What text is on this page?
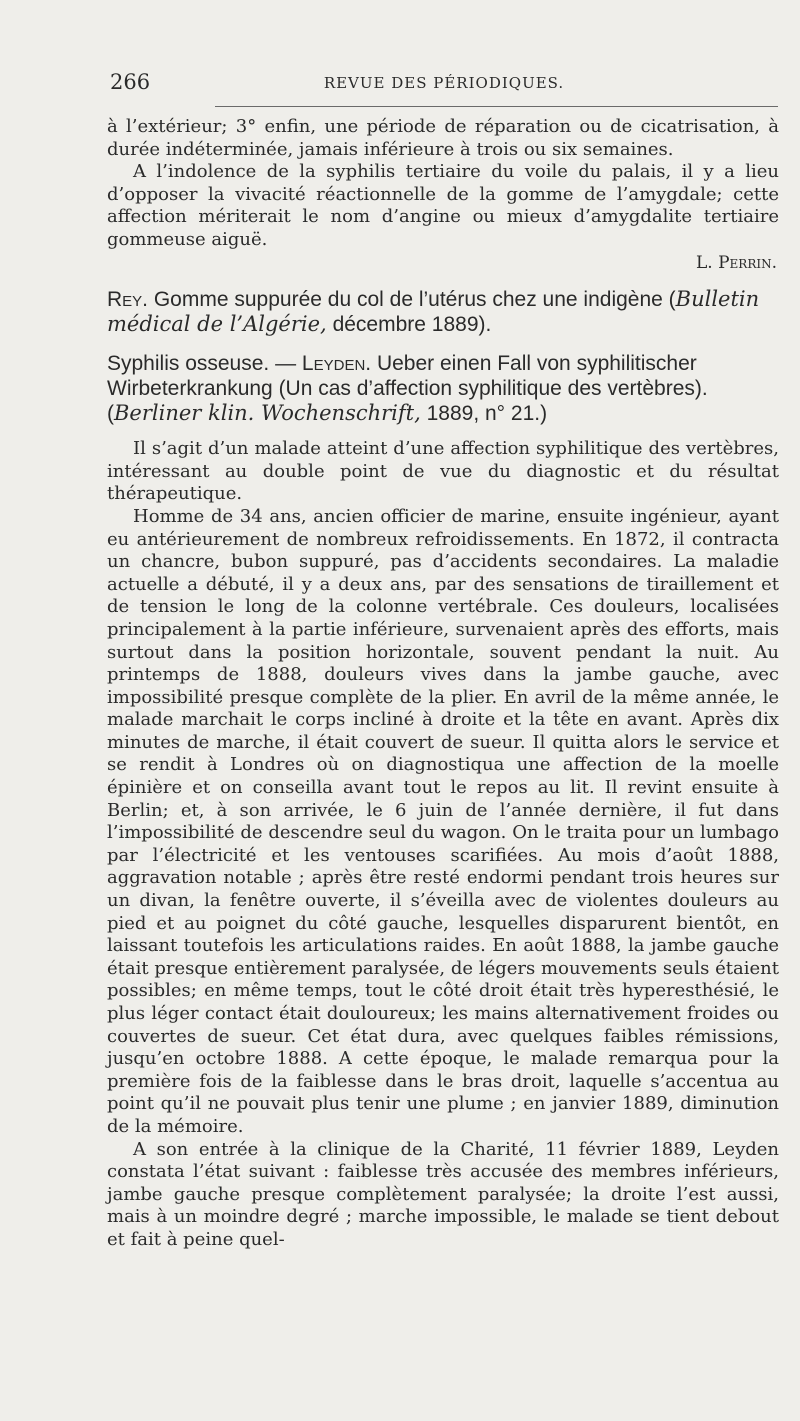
266	REVUE DES PÉRIODIQUES.

à l’extérieur; 3° enfin, une période de réparation ou de cicatrisation, à durée indéterminée, jamais inférieure à trois ou six semaines.

A l’indolence de la syphilis tertiaire du voile du palais, il y a lieu d’opposer la vivacité réactionnelle de la gomme de l’amygdale; cette affection mériterait le nom d’angine ou mieux d’amygdalite tertiaire gommeuse aiguë.

L. Perrin.

Rey. Gomme suppurée du col de l’utérus chez une indigène (Bulletin médical de l’Algérie, décembre 1889).

Syphilis osseuse. — Leyden. Ueber einen Fall von syphilitischer Wirbeterkrankung (Un cas d’affection syphilitique des vertèbres). (Berliner klin. Wochenschrift, 1889, n° 21.)

Il s’agit d’un malade atteint d’une affection syphilitique des vertèbres, intéressant au double point de vue du diagnostic et du résultat thérapeutique.

Homme de 34 ans, ancien officier de marine, ensuite ingénieur, ayant eu antérieurement de nombreux refroidissements. En 1872, il contracta un chancre, bubon suppuré, pas d’accidents secondaires. La maladie actuelle a débuté, il y a deux ans, par des sensations de tiraillement et de tension le long de la colonne vertébrale. Ces douleurs, localisées principalement à la partie inférieure, survenaient après des efforts, mais surtout dans la position horizontale, souvent pendant la nuit. Au printemps de 1888, douleurs vives dans la jambe gauche, avec impossibilité presque complète de la plier. En avril de la même année, le malade marchait le corps incliné à droite et la tête en avant. Après dix minutes de marche, il était couvert de sueur. Il quitta alors le service et se rendit à Londres où on diagnostiqua une affection de la moelle épinière et on conseilla avant tout le repos au lit. Il revint ensuite à Berlin; et, à son arrivée, le 6 juin de l’année dernière, il fut dans l’impossibilité de descendre seul du wagon. On le traita pour un lumbago par l’électricité et les ventouses scarifiées. Au mois d’août 1888, aggravation notable ; après être resté endormi pendant trois heures sur un divan, la fenêtre ouverte, il s’éveilla avec de violentes douleurs au pied et au poignet du côté gauche, lesquelles disparurent bientôt, en laissant toutefois les articulations raides. En août 1888, la jambe gauche était presque entièrement paralysée, de légers mouvements seuls étaient possibles; en même temps, tout le côté droit était très hyperesthésié, le plus léger contact était douloureux; les mains alternativement froides ou couvertes de sueur. Cet état dura, avec quelques faibles rémissions, jusqu’en octobre 1888. A cette époque, le malade remarqua pour la première fois de la faiblesse dans le bras droit, laquelle s’accentua au point qu’il ne pouvait plus tenir une plume ; en janvier 1889, diminution de la mémoire.

A son entrée à la clinique de la Charité, 11 février 1889, Leyden constata l’état suivant : faiblesse très accusée des membres inférieurs, jambe gauche presque complètement paralysée; la droite l’est aussi, mais à un moindre degré ; marche impossible, le malade se tient debout et fait à peine quel-
